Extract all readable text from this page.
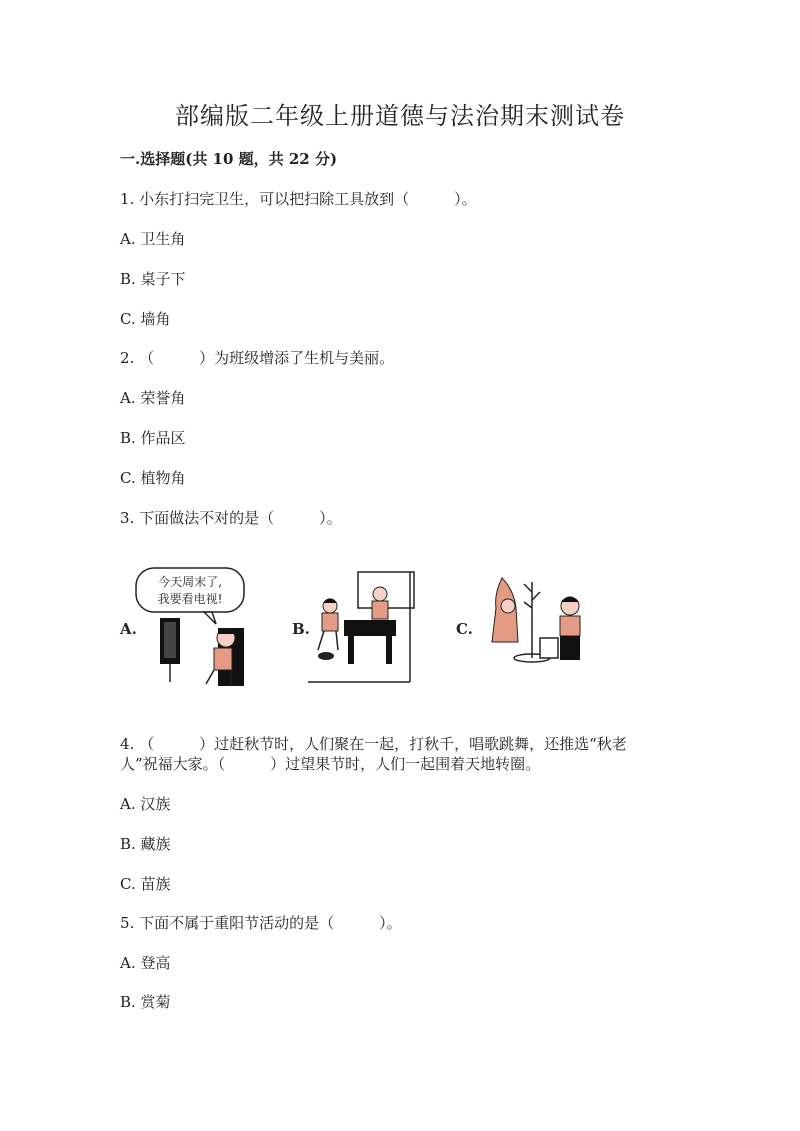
部编版二年级上册道德与法治期末测试卷
一.选择题(共 10 题，共 22 分)
1. 小东打扫完卫生，可以把扫除工具放到（　　　）。
A. 卫生角
B. 桌子下
C. 墙角
2. （　　　）为班级增添了生机与美丽。
A. 荣誉角
B. 作品区
C. 植物角
3. 下面做法不对的是（　　　）。
A.
今天周末了,
我要看电视!
B.	C.
4. （　　　）过赶秋节时，人们聚在一起，打秋千，唱歌跳舞，还推选“秋老
人”祝福大家。（　　　）过望果节时，人们一起围着天地转圈。
A. 汉族
B. 藏族
C. 苗族
5. 下面不属于重阳节活动的是（　　　）。
A. 登高
B. 赏菊
